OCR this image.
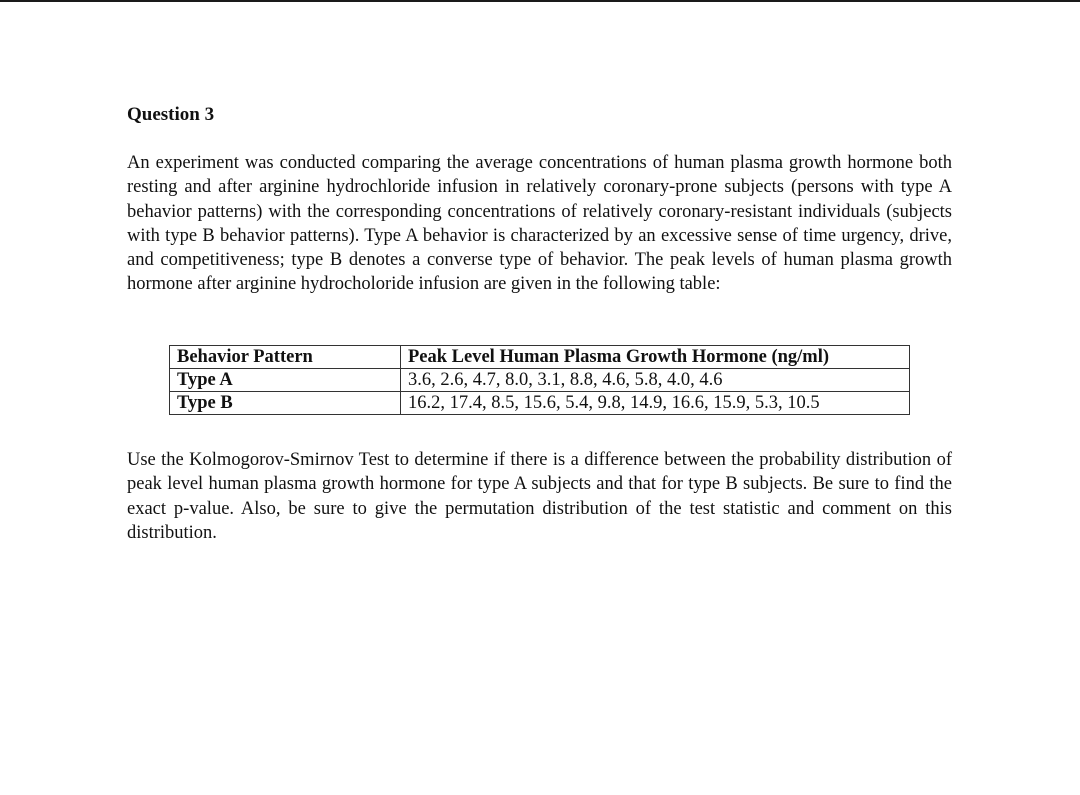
Question 3

An experiment was conducted comparing the average concentrations of human plasma growth hormone both resting and after arginine hydrochloride infusion in relatively coronary-prone subjects (persons with type A behavior patterns) with the corresponding concentrations of relatively coronary-resistant individuals (subjects with type B behavior patterns). Type A behavior is characterized by an excessive sense of time urgency, drive, and competitiveness; type B denotes a converse type of behavior. The peak levels of human plasma growth hormone after arginine hydrocholoride infusion are given in the following table:

Behavior Pattern	Peak Level Human Plasma Growth Hormone (ng/ml)
Type A	3.6, 2.6, 4.7, 8.0, 3.1, 8.8, 4.6, 5.8, 4.0, 4.6
Type B	16.2, 17.4, 8.5, 15.6, 5.4, 9.8, 14.9, 16.6, 15.9, 5.3, 10.5

Use the Kolmogorov-Smirnov Test to determine if there is a difference between the probability distribution of peak level human plasma growth hormone for type A subjects and that for type B subjects. Be sure to find the exact p-value. Also, be sure to give the permutation distribution of the test statistic and comment on this distribution.
